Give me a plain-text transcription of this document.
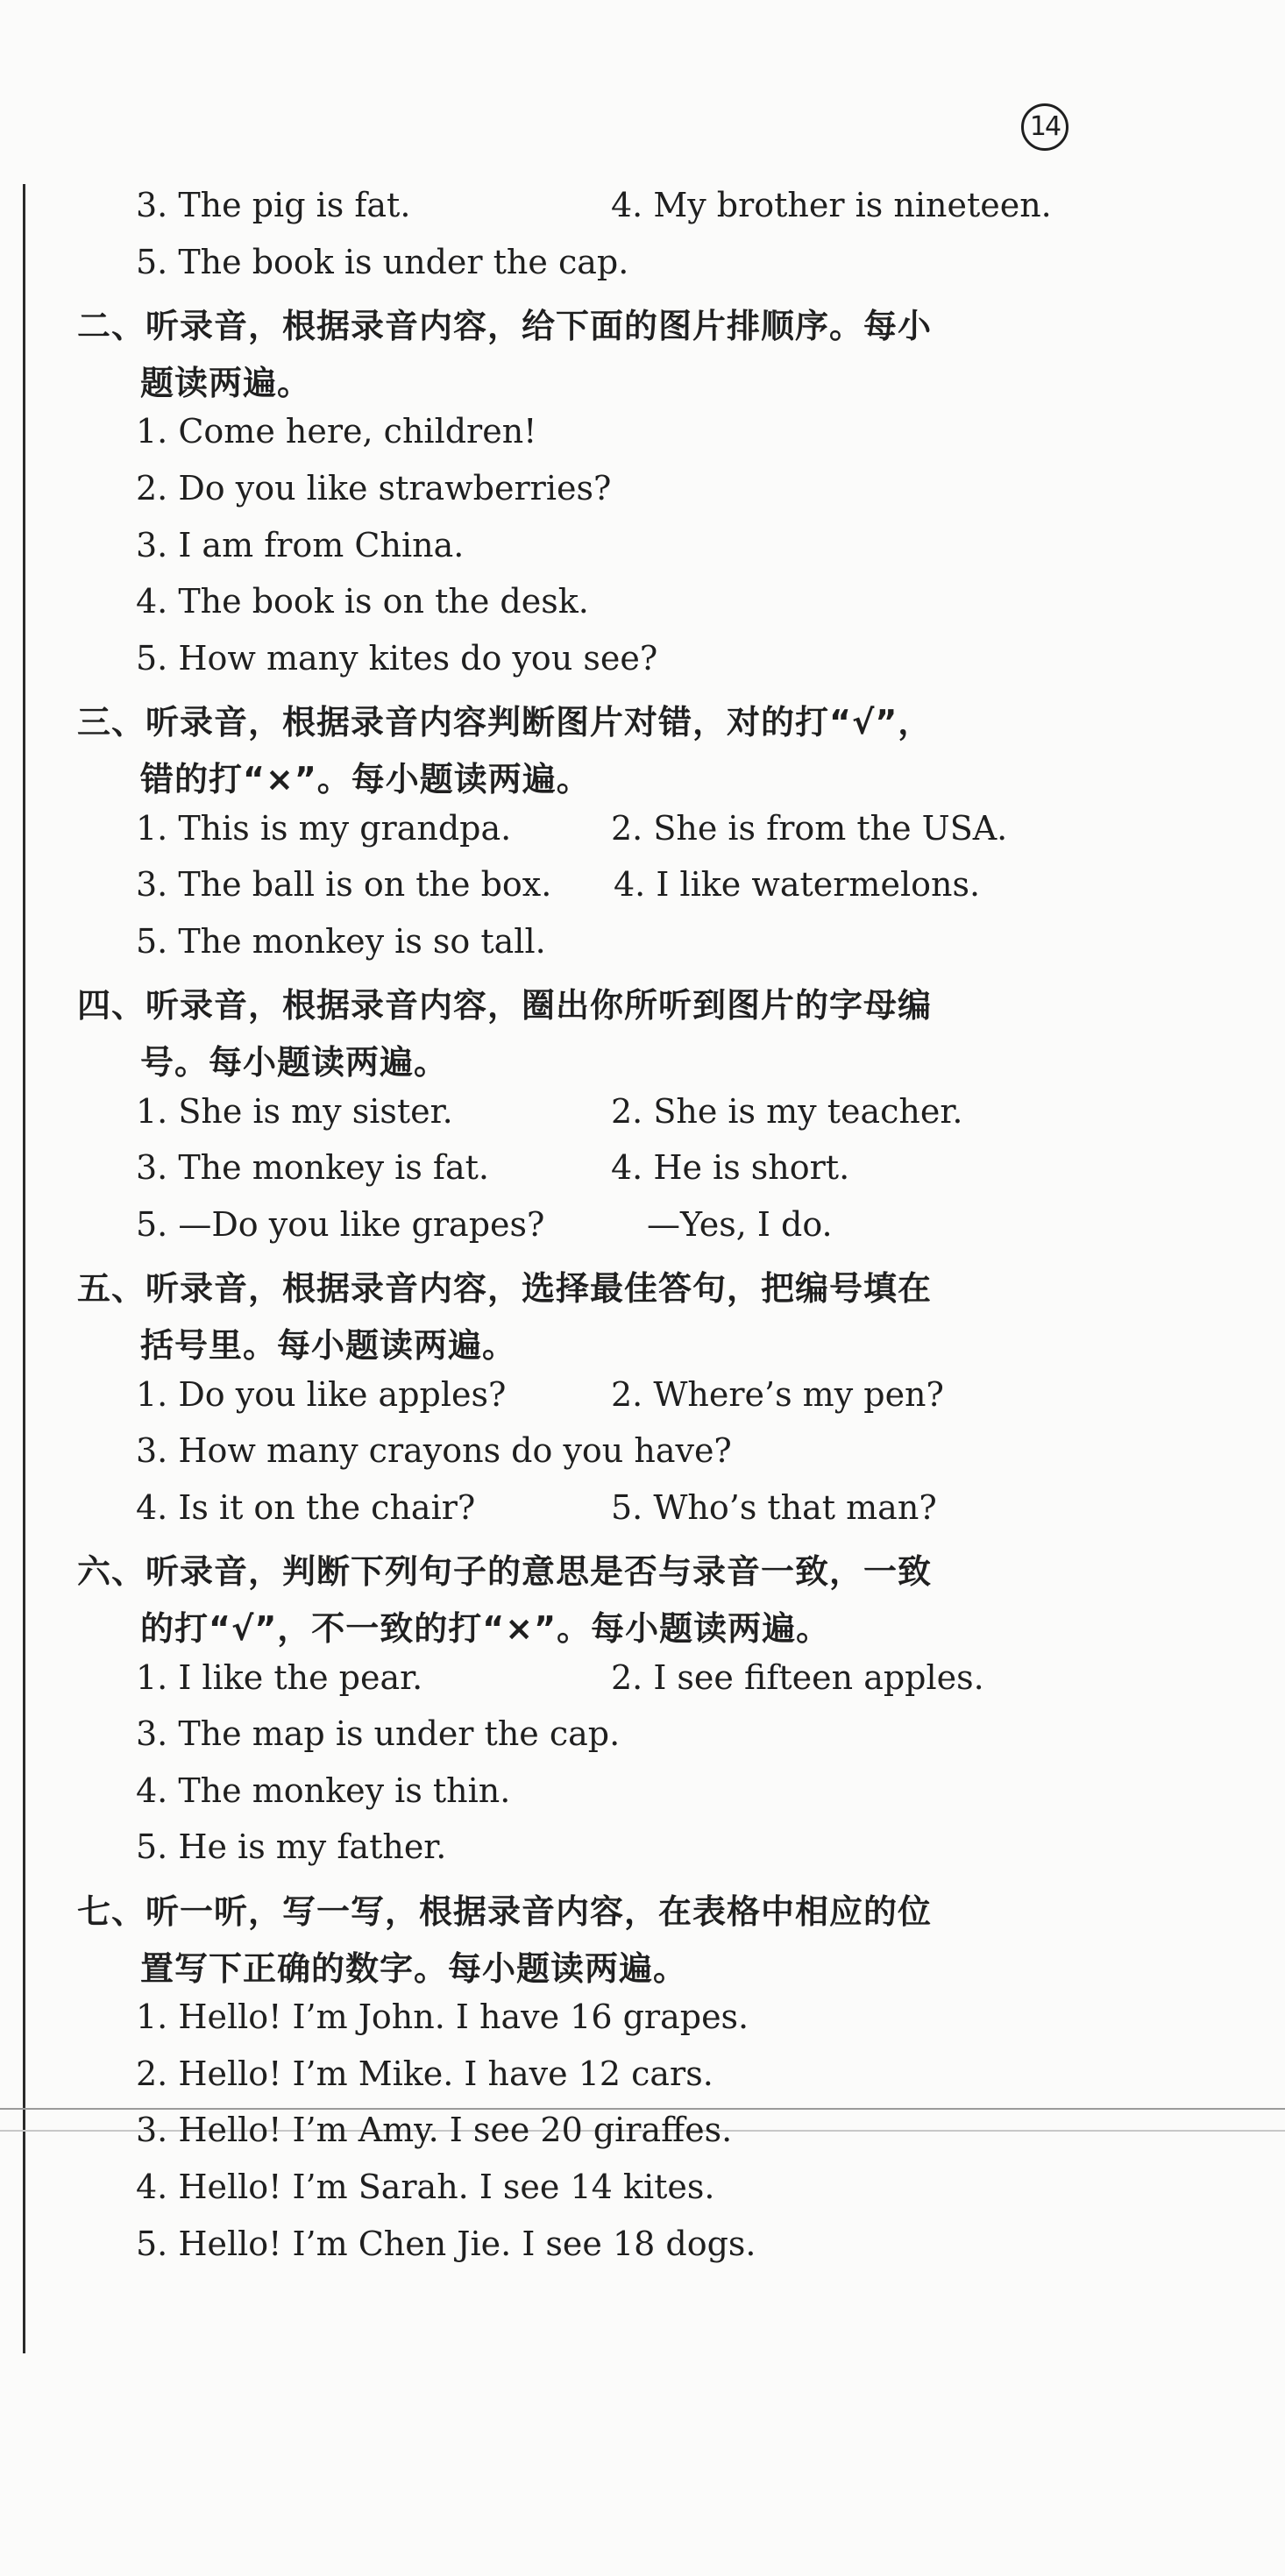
14
3. The pig is fat.	4. My brother is nineteen.
5. The book is under the cap.
二、听录音，根据录音内容，给下面的图片排顺序。每小
题读两遍。
1. Come here, children!
2. Do you like strawberries?
3. I am from China.
4. The book is on the desk.
5. How many kites do you see?
三、听录音，根据录音内容判断图片对错，对的打“√”，
错的打“×”。每小题读两遍。
1. This is my grandpa.	2. She is from the USA.
3. The ball is on the box. 4. I like watermelons.
5. The monkey is so tall.
四、听录音，根据录音内容，圈出你所听到图片的字母编
号。每小题读两遍。
1. She is my sister.	2. She is my teacher.
3. The monkey is fat.	4. He is short.
5. —Do you like grapes?	—Yes, I do.
五、听录音，根据录音内容，选择最佳答句，把编号填在
括号里。每小题读两遍。
1. Do you like apples?	2. Where’s my pen?
3. How many crayons do you have?
4. Is it on the chair?	5. Who’s that man?
六、听录音，判断下列句子的意思是否与录音一致，一致
的打“√”，不一致的打“×”。每小题读两遍。
1. I like the pear.	2. I see fifteen apples.
3. The map is under the cap.
4. The monkey is thin.
5. He is my father.
七、听一听，写一写，根据录音内容，在表格中相应的位
置写下正确的数字。每小题读两遍。
1. Hello! I’m John. I have 16 grapes.
2. Hello! I’m Mike. I have 12 cars.
3. Hello! I’m Amy. I see 20 giraffes.
4. Hello! I’m Sarah. I see 14 kites.
5. Hello! I’m Chen Jie. I see 18 dogs.
